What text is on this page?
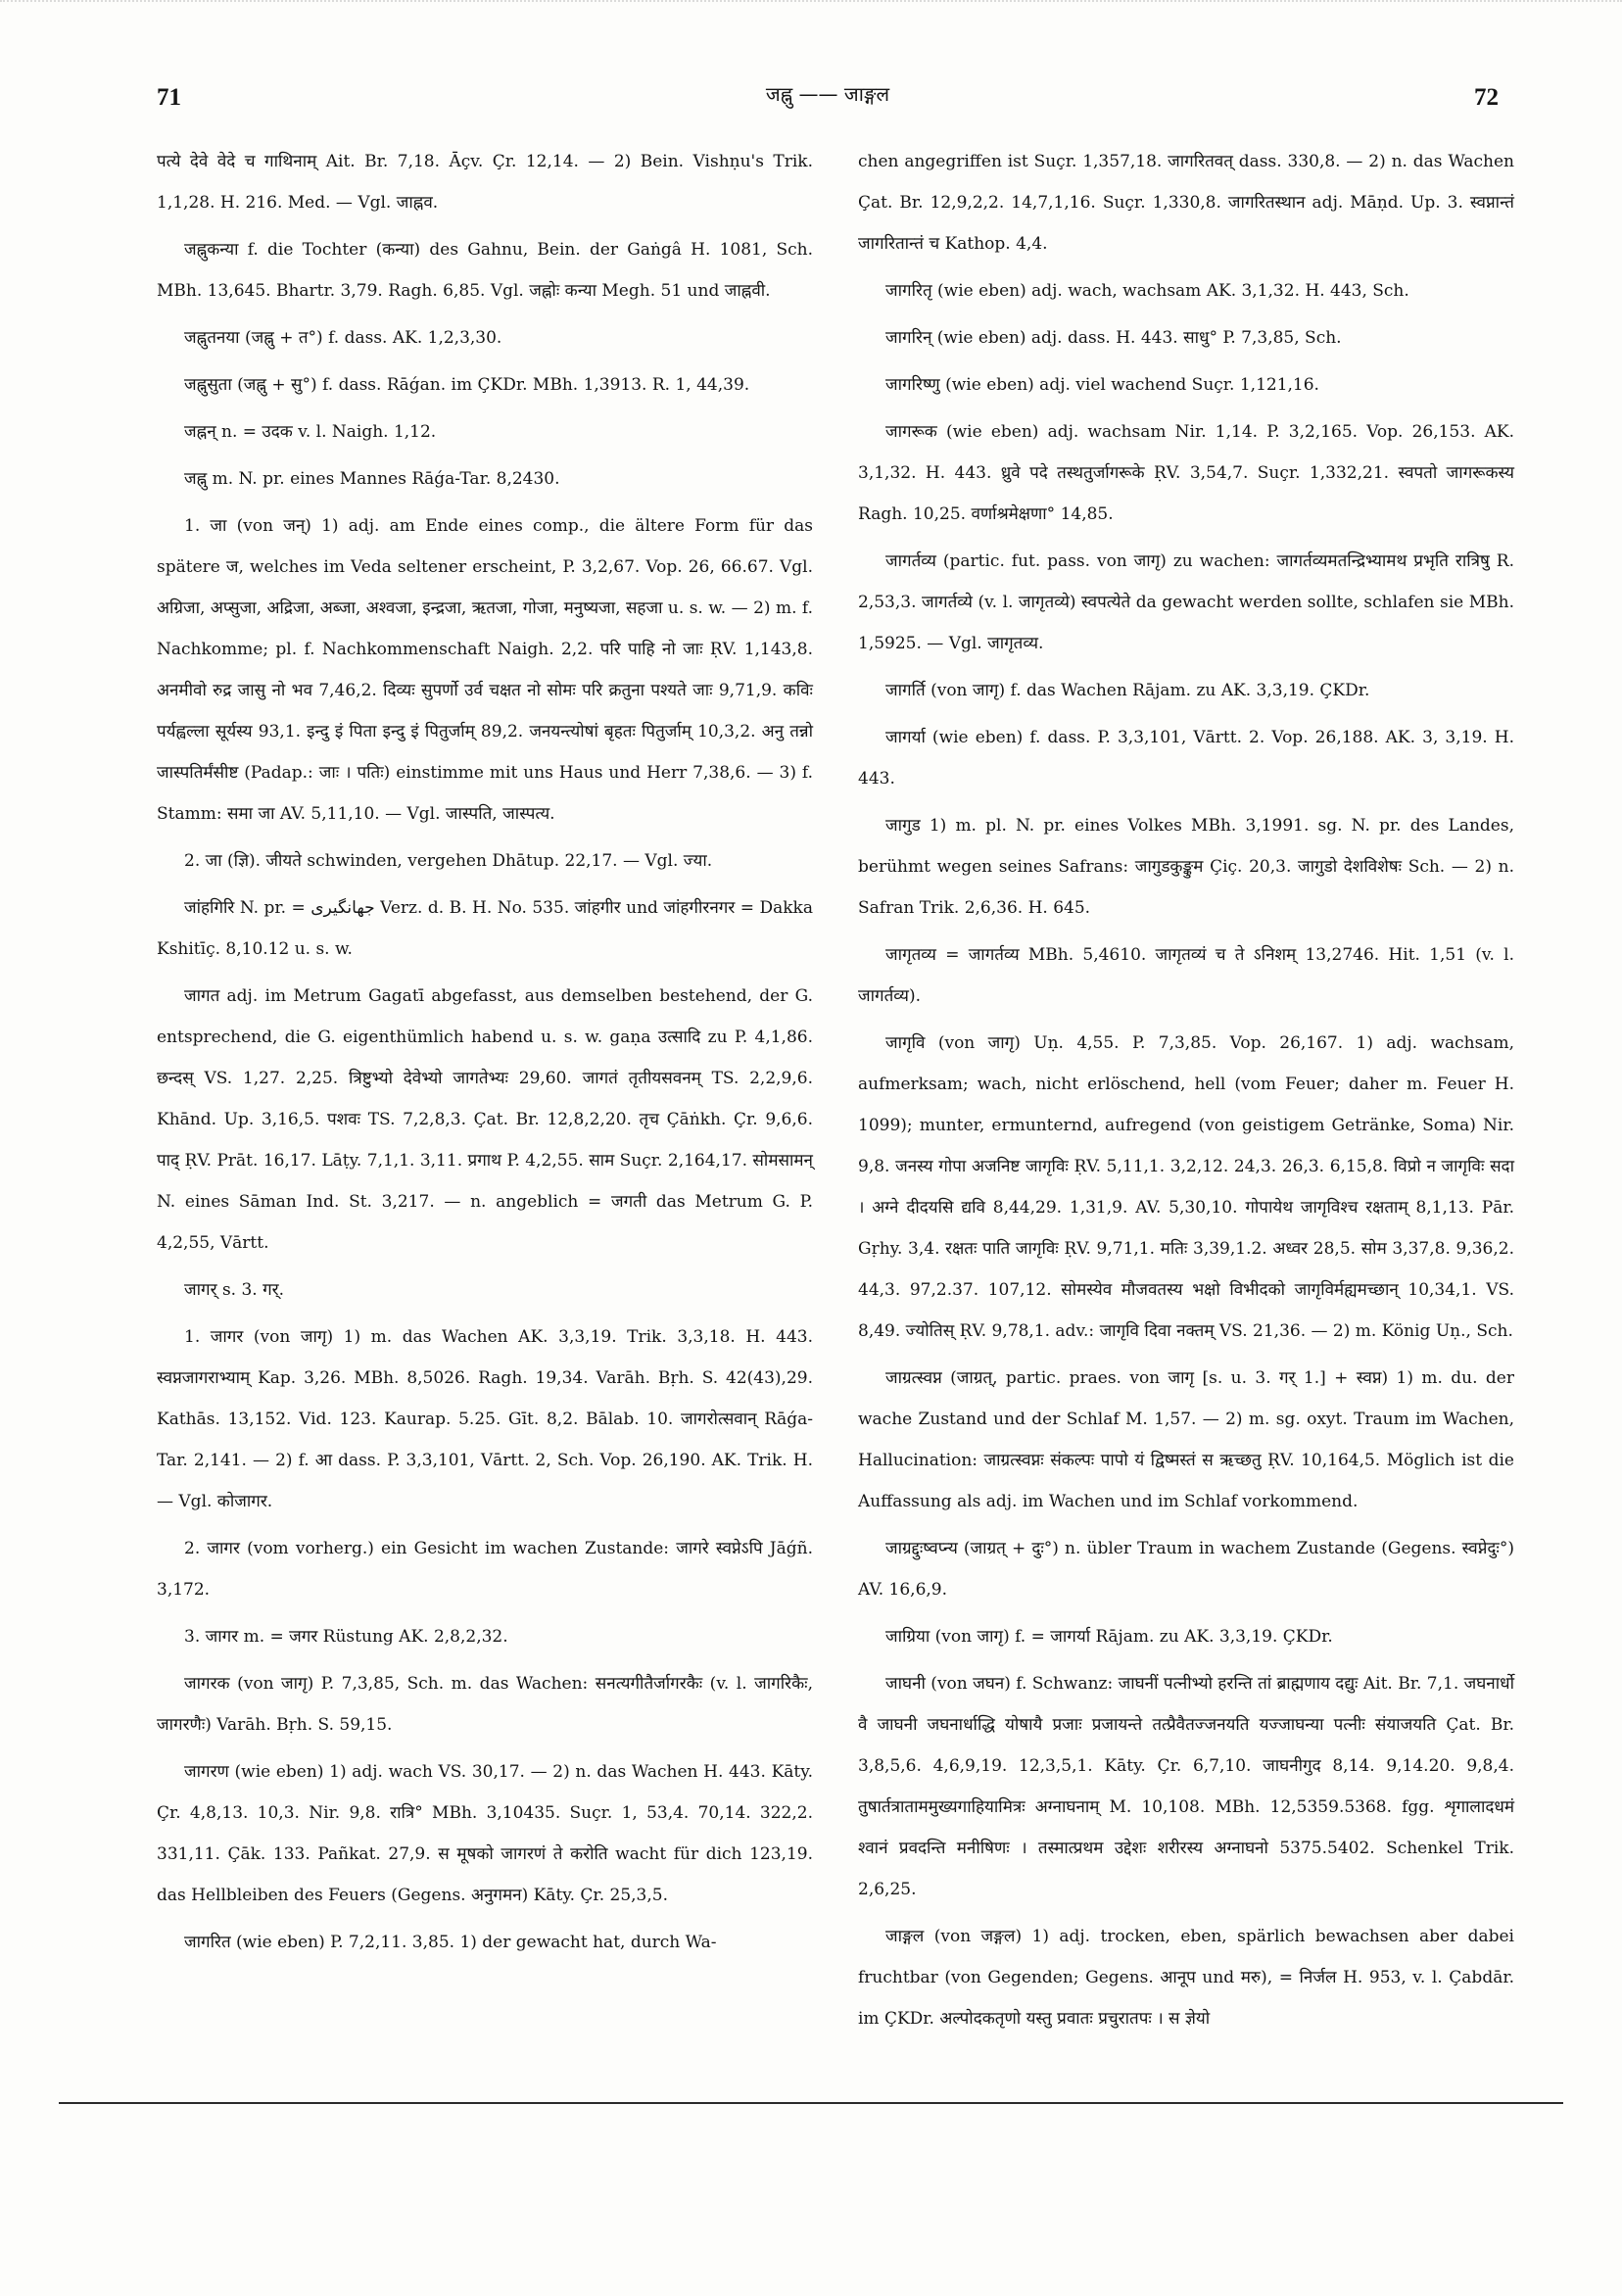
71	जह्नु —— जाङ्गल	72

पत्ये देवे वेदे च गाथिनाम् Ait. Br. 7,18. Āçv. Çr. 12,14. — 2) Bein. Vishṇu's Trik. 1,1,28. H. 216. Med. — Vgl. जाह्नव.

जह्नुकन्या f. die Tochter (कन्या) des Gahnu, Bein. der Gaṅgâ H. 1081, Sch. MBh. 13,645. Bhartr. 3,79. Ragh. 6,85. Vgl. जह्नोः कन्या Megh. 51 und जाह्नवी.

जह्नुतनया (जह्नु + त°) f. dass. AK. 1,2,3,30.

जह्नुसुता (जह्नु + सु°) f. dass. Rāǵan. im ÇKDr. MBh. 1,3913. R. 1, 44,39.

जह्नन् n. = उदक v. l. Naigh. 1,12.

जह्नु m. N. pr. eines Mannes Rāǵa-Tar. 8,2430.

1. जा (von जन्) 1) adj. am Ende eines comp., die ältere Form für das spätere ज, welches im Veda seltener erscheint, P. 3,2,67. Vop. 26, 66.67. Vgl. अग्रिजा, अप्सुजा, अद्रिजा, अब्जा, अश्वजा, इन्द्रजा, ऋतजा, गोजा, मनुष्यजा, सहजा u. s. w. — 2) m. f. Nachkomme; pl. f. Nachkommenschaft Naigh. 2,2. परि पाहि नो जाः ṚV. 1,143,8. अनमीवो रुद्र जासु नो भव 7,46,2. दिव्यः सुपर्णो उर्व चक्षत नो सोमः परि क्रतुना पश्यते जाः 9,71,9. कविः पर्यह्वल्ला सूर्यस्य 93,1. इन्दु इं पिता इन्दु इं पितुर्जाम् 89,2. जनयन्त्योषां बृहतः पितुर्जाम् 10,3,2. अनु तन्नो जास्पतिर्मंसीष्ट (Padap.: जाः । पतिः) einstimme mit uns Haus und Herr 7,38,6. — 3) f. Stamm: समा जा AV. 5,11,10. — Vgl. जास्पति, जास्पत्य.

2. जा (ज्ञि). जीयते schwinden, vergehen Dhātup. 22,17. — Vgl. ज्या.

जांहगिरि N. pr. = جهانگیری Verz. d. B. H. No. 535. जांहगीर und जांहगीरनगर = Dakka Kshitīç. 8,10.12 u. s. w.

जागत adj. im Metrum Gagatī abgefasst, aus demselben bestehend, der G. entsprechend, die G. eigenthümlich habend u. s. w. gaṇa उत्सादि zu P. 4,1,86. छन्दस् VS. 1,27. 2,25. त्रिष्टुभ्यो देवेभ्यो जागतेभ्यः 29,60. जागतं तृतीयसवनम् TS. 2,2,9,6. Khānd. Up. 3,16,5. पशवः TS. 7,2,8,3. Çat. Br. 12,8,2,20. तृच Çāṅkh. Çr. 9,6,6. पाद् ṚV. Prāt. 16,17. Lāṭy. 7,1,1. 3,11. प्रगाथ P. 4,2,55. साम Suçr. 2,164,17. सोमसामन् N. eines Sāman Ind. St. 3,217. — n. angeblich = जगती das Metrum G. P. 4,2,55, Vārtt.

जागर् s. 3. गर्.

1. जागर (von जागृ) 1) m. das Wachen AK. 3,3,19. Trik. 3,3,18. H. 443. स्वप्नजागराभ्याम् Kap. 3,26. MBh. 8,5026. Ragh. 19,34. Varāh. Bṛh. S. 42(43),29. Kathās. 13,152. Vid. 123. Kaurap. 5.25. Gīt. 8,2. Bālab. 10. जागरोत्सवान् Rāǵa-Tar. 2,141. — 2) f. आ dass. P. 3,3,101, Vārtt. 2, Sch. Vop. 26,190. AK. Trik. H. — Vgl. कोजागर.

2. जागर (vom vorherg.) ein Gesicht im wachen Zustande: जागरे स्वप्नेऽपि Jāǵñ. 3,172.

3. जागर m. = जगर Rüstung AK. 2,8,2,32.

जागरक (von जागृ) P. 7,3,85, Sch. m. das Wachen: सनत्यगीतैर्जागरकैः (v. l. जागरिकैः, जागरणैः) Varāh. Bṛh. S. 59,15.

जागरण (wie eben) 1) adj. wach VS. 30,17. — 2) n. das Wachen H. 443. Kāty. Çr. 4,8,13. 10,3. Nir. 9,8. रात्रि° MBh. 3,10435. Suçr. 1, 53,4. 70,14. 322,2. 331,11. Çāk. 133. Pañkat. 27,9. स मूषको जागरणं ते करोति wacht für dich 123,19. das Hellbleiben des Feuers (Gegens. अनुगमन) Kāty. Çr. 25,3,5.

जागरित (wie eben) P. 7,2,11. 3,85. 1) der gewacht hat, durch Wa-

chen angegriffen ist Suçr. 1,357,18. जागरितवत् dass. 330,8. — 2) n. das Wachen Çat. Br. 12,9,2,2. 14,7,1,16. Suçr. 1,330,8. जागरितस्थान adj. Māṇd. Up. 3. स्वप्नान्तं जागरितान्तं च Kathop. 4,4.

जागरितृ (wie eben) adj. wach, wachsam AK. 3,1,32. H. 443, Sch.

जागरिन् (wie eben) adj. dass. H. 443. साधु° P. 7,3,85, Sch.

जागरिष्णु (wie eben) adj. viel wachend Suçr. 1,121,16.

जागरूक (wie eben) adj. wachsam Nir. 1,14. P. 3,2,165. Vop. 26,153. AK. 3,1,32. H. 443. ध्रुवे पदे तस्थतुर्जागरूके ṚV. 3,54,7. Suçr. 1,332,21. स्वपतो जागरूकस्य Ragh. 10,25. वर्णाश्रमेक्षणा° 14,85.

जागर्तव्य (partic. fut. pass. von जागृ) zu wachen: जागर्तव्यमतन्द्रिभ्यामथ प्रभृति रात्रिषु R. 2,53,3. जागर्तव्ये (v. l. जागृतव्ये) स्वपत्येते da gewacht werden sollte, schlafen sie MBh. 1,5925. — Vgl. जागृतव्य.

जागर्ति (von जागृ) f. das Wachen Rājam. zu AK. 3,3,19. ÇKDr.

जागर्या (wie eben) f. dass. P. 3,3,101, Vārtt. 2. Vop. 26,188. AK. 3, 3,19. H. 443.

जागुड 1) m. pl. N. pr. eines Volkes MBh. 3,1991. sg. N. pr. des Landes, berühmt wegen seines Safrans: जागुडकुङ्कुम Çiç. 20,3. जागुडो देशविशेषः Sch. — 2) n. Safran Trik. 2,6,36. H. 645.

जागृतव्य = जागर्तव्य MBh. 5,4610. जागृतव्यं च ते ऽनिशम् 13,2746. Hit. 1,51 (v. l. जागर्तव्य).

जागृवि (von जागृ) Uṇ. 4,55. P. 7,3,85. Vop. 26,167. 1) adj. wachsam, aufmerksam; wach, nicht erlöschend, hell (vom Feuer; daher m. Feuer H. 1099); munter, ermunternd, aufregend (von geistigem Getränke, Soma) Nir. 9,8. जनस्य गोपा अजनिष्ट जागृविः ṚV. 5,11,1. 3,2,12. 24,3. 26,3. 6,15,8. विप्रो न जागृविः सदा । अग्ने दीदयसि द्यवि 8,44,29. 1,31,9. AV. 5,30,10. गोपायेथ जागृविश्च रक्षताम् 8,1,13. Pār. Gṛhy. 3,4. रक्षतः पाति जागृविः ṚV. 9,71,1. मतिः 3,39,1.2. अध्वर 28,5. सोम 3,37,8. 9,36,2. 44,3. 97,2.37. 107,12. सोमस्येव मौजवतस्य भक्षो विभीदको जागृविर्मह्यमच्छान् 10,34,1. VS. 8,49. ज्योतिस् ṚV. 9,78,1. adv.: जागृवि दिवा नक्तम् VS. 21,36. — 2) m. König Uṇ., Sch.

जाग्रत्स्वप्न (जाग्रत्, partic. praes. von जागृ [s. u. 3. गर् 1.] + स्वप्न) 1) m. du. der wache Zustand und der Schlaf M. 1,57. — 2) m. sg. oxyt. Traum im Wachen, Hallucination: जाग्रत्स्वप्नः संकल्पः पापो यं द्विष्मस्तं स ऋच्छतु ṚV. 10,164,5. Möglich ist die Auffassung als adj. im Wachen und im Schlaf vorkommend.

जाग्रद्दुःष्वप्न्य (जाग्रत् + दुः°) n. übler Traum in wachem Zustande (Gegens. स्वप्नेदुः°) AV. 16,6,9.

जाग्रिया (von जागृ) f. = जागर्या Rājam. zu AK. 3,3,19. ÇKDr.

जाघनी (von जघन) f. Schwanz: जाघनीं पत्नीभ्यो हरन्ति तां ब्राह्मणाय दद्युः Ait. Br. 7,1. जघनार्धो वै जाघनी जघनार्धाद्धि योषायै प्रजाः प्रजायन्ते तत्प्रैवैतज्जनयति यज्जाघन्या पत्नीः संयाजयति Çat. Br. 3,8,5,6. 4,6,9,19. 12,3,5,1. Kāty. Çr. 6,7,10. जाघनीगुद 8,14. 9,14.20. 9,8,4. तुषार्तत्राताममुख्यगाहियामित्रः अग्नाघनाम् M. 10,108. MBh. 12,5359.5368. fgg. शृगालादधमं श्वानं प्रवदन्ति मनीषिणः । तस्मात्प्रथम उद्देशः शरीरस्य अग्नाघनो 5375.5402. Schenkel Trik. 2,6,25.

जाङ्गल (von जङ्गल) 1) adj. trocken, eben, spärlich bewachsen aber dabei fruchtbar (von Gegenden; Gegens. आनूप und मरु), = निर्जल H. 953, v. l. Çabdār. im ÇKDr. अल्पोदकतृणो यस्तु प्रवातः प्रचुरातपः । स ज्ञेयो
